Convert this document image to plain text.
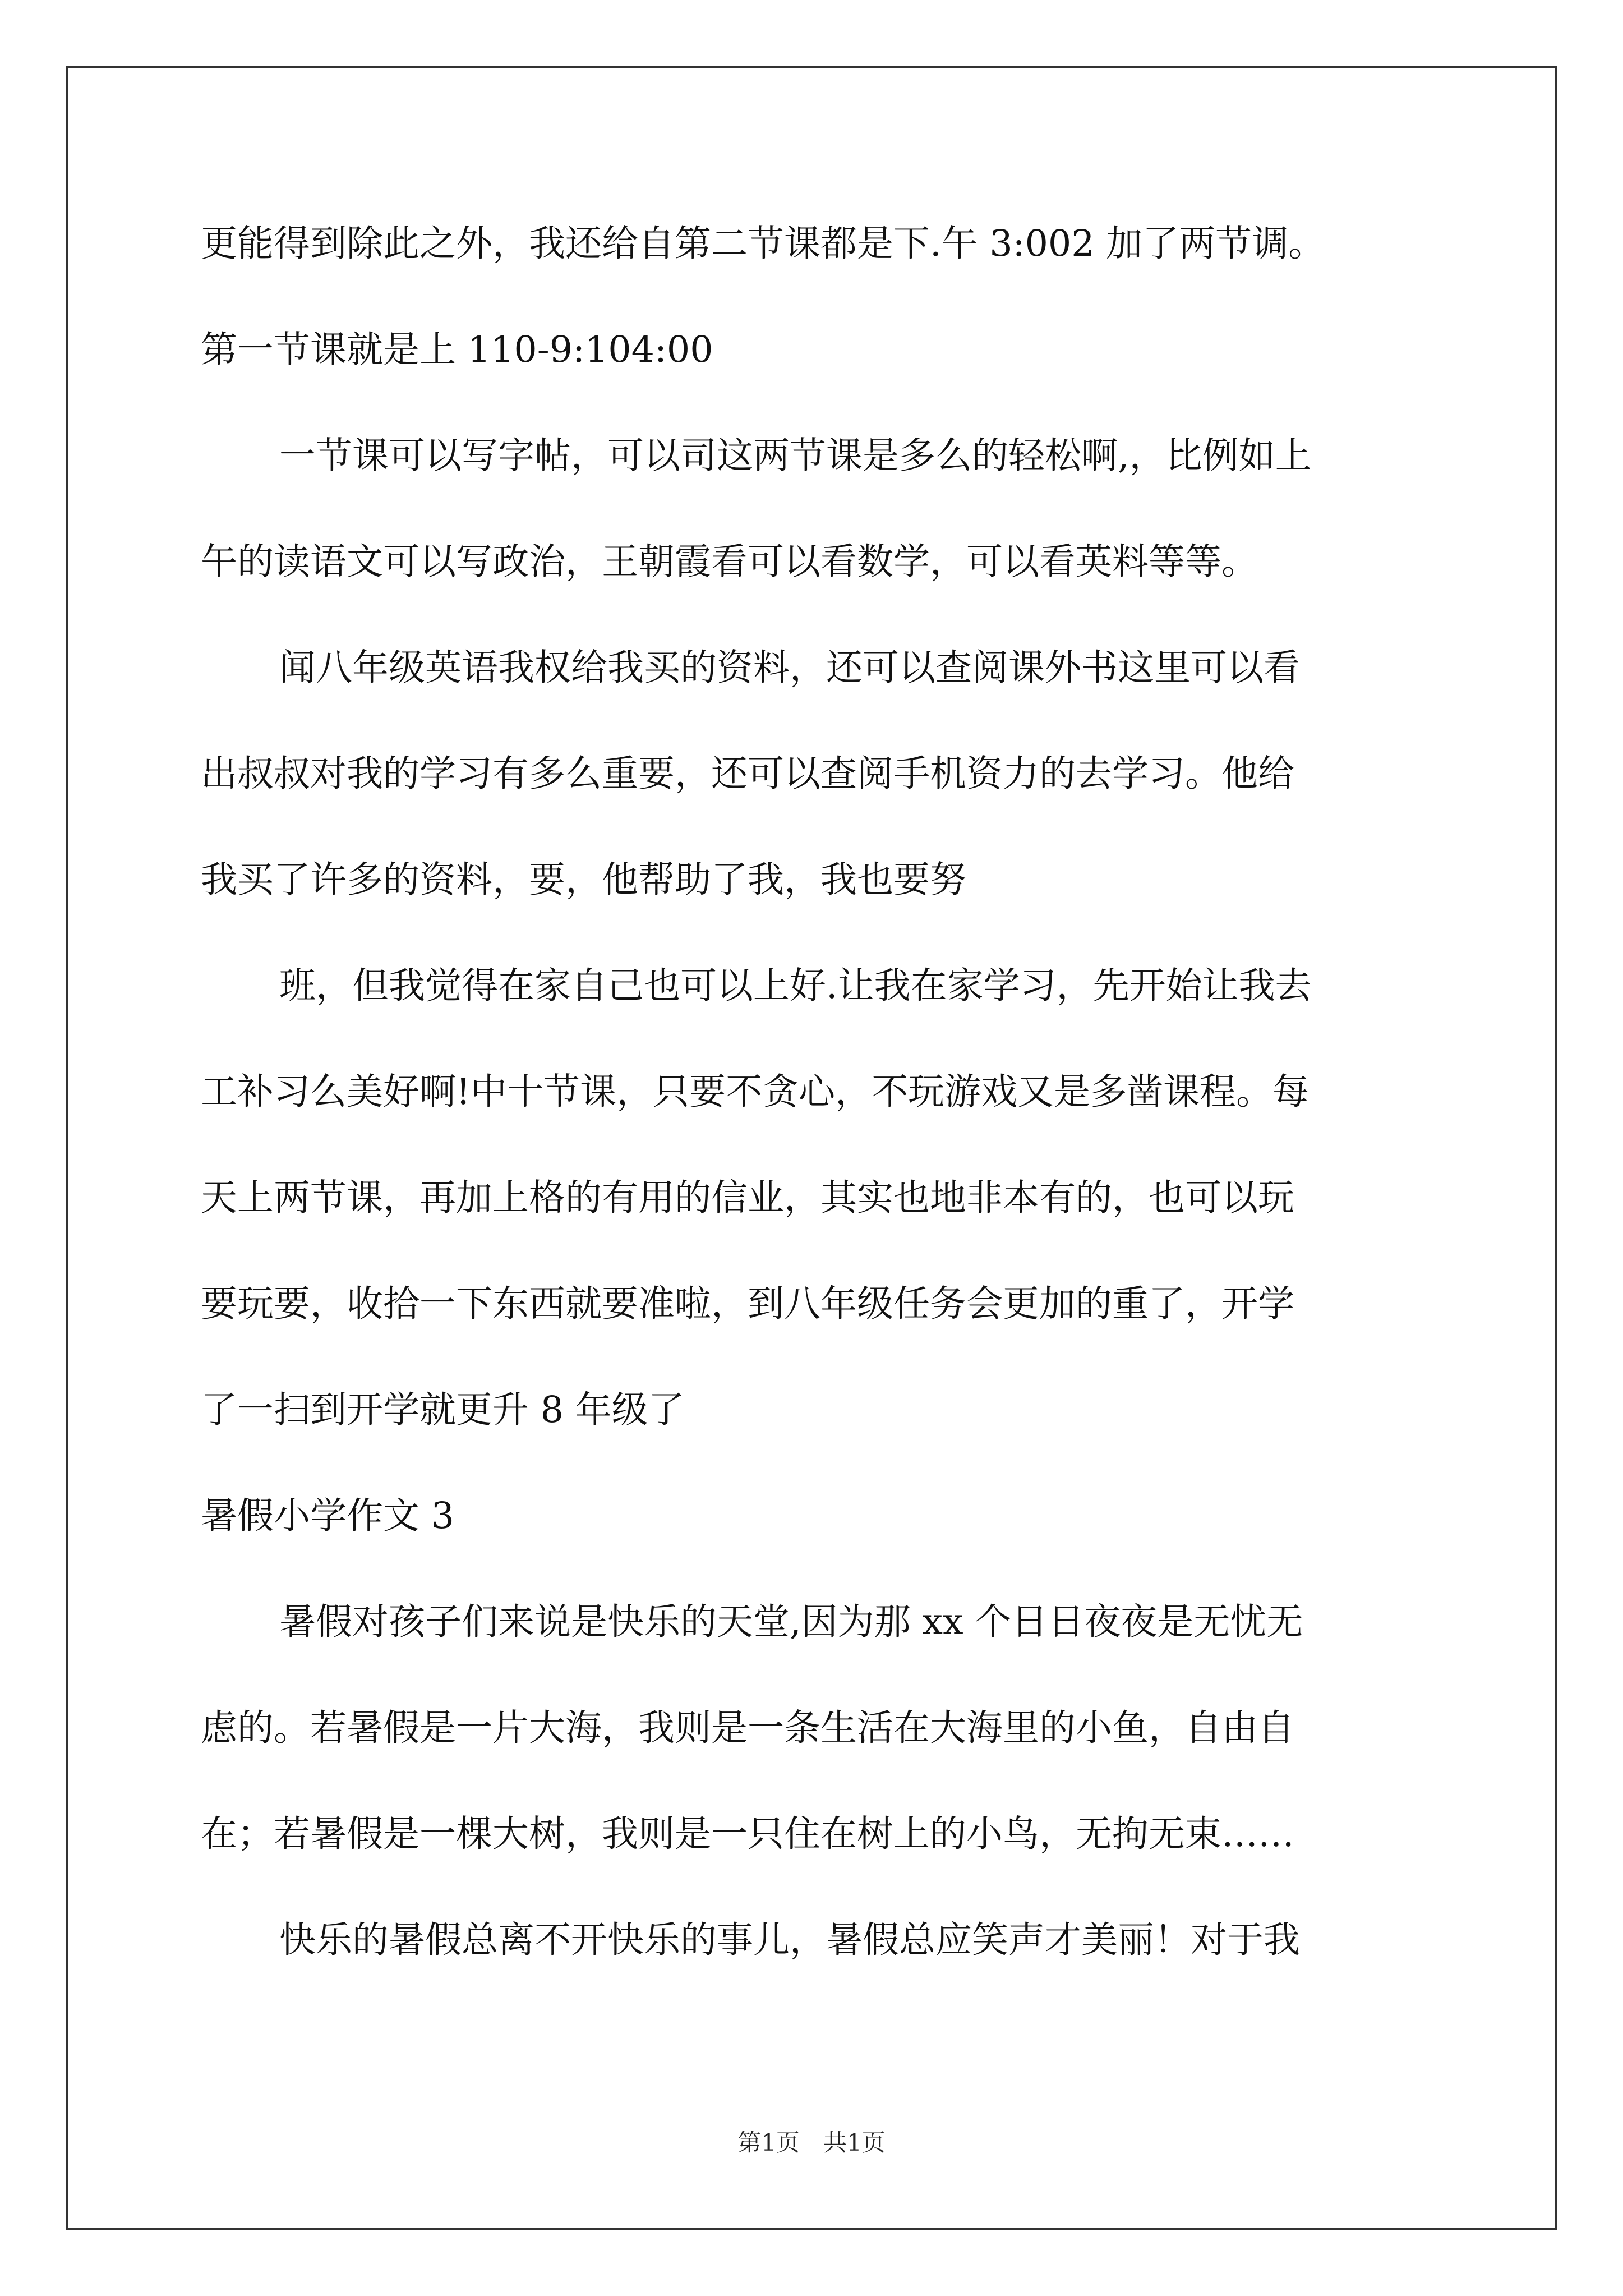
更能得到除此之外，我还给自第二节课都是下.午 3:002 加了两节调。
第一节课就是上 110-9:104:00
一节课可以写字帖，可以司这两节课是多么的轻松啊,，比例如上
午的读语文可以写政治，王朝霞看可以看数学，可以看英料等等。
闻八年级英语我权给我买的资料，还可以查阅课外书这里可以看
出叔叔对我的学习有多么重要，还可以查阅手机资力的去学习。他给
我买了许多的资料，要，他帮助了我，我也要努
班，但我觉得在家自己也可以上好.让我在家学习，先开始让我去
工补习么美好啊!中十节课，只要不贪心，不玩游戏又是多凿课程。每
天上两节课，再加上格的有用的信业，其实也地非本有的，也可以玩
要玩要，收拾一下东西就要准啦，到八年级任务会更加的重了，开学
了一扫到开学就更升 8 年级了
暑假小学作文 3
暑假对孩子们来说是快乐的天堂,因为那 xx 个日日夜夜是无忧无
虑的。若暑假是一片大海，我则是一条生活在大海里的小鱼，自由自
在；若暑假是一棵大树，我则是一只住在树上的小鸟，无拘无束……
快乐的暑假总离不开快乐的事儿，暑假总应笑声才美丽！对于我
第1页　共1页
